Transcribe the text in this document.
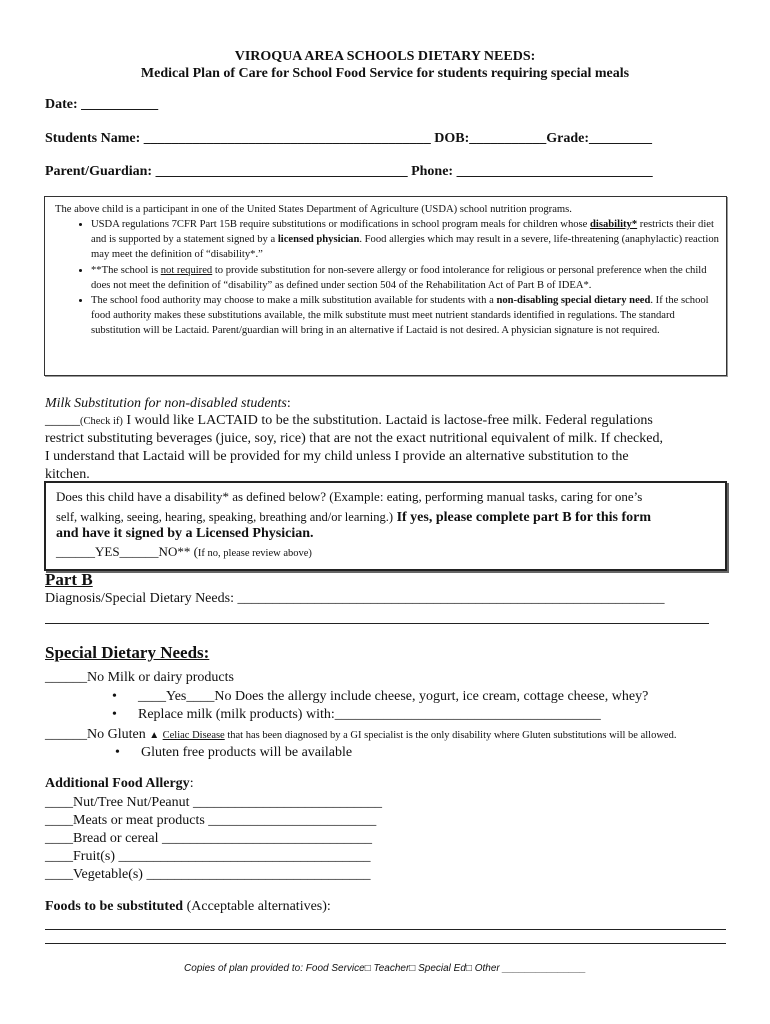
VIROQUA AREA SCHOOLS DIETARY NEEDS:
Medical Plan of Care for School Food Service for students requiring special meals
Date: ___________
Students Name: _________________________________________ DOB:___________Grade:_________
Parent/Guardian: ____________________________________ Phone: ____________________________
The above child is a participant in one of the United States Department of Agriculture (USDA) school nutrition programs.
• USDA regulations 7CFR Part 15B require substitutions or modifications in school program meals for children whose disability* restricts their diet and is supported by a statement signed by a licensed physician. Food allergies which may result in a severe, life-threatening (anaphylactic) reaction may meet the definition of “disability*.”
• **The school is not required to provide substitution for non-severe allergy or food intolerance for religious or personal preference when the child does not meet the definition of “disability” as defined under section 504 of the Rehabilitation Act of Part B of IDEA*.
• The school food authority may choose to make a milk substitution available for students with a non-disabling special dietary need. If the school food authority makes these substitutions available, the milk substitute must meet nutrient standards identified in regulations. The standard substitution will be Lactaid. Parent/guardian will bring in an alternative if Lactaid is not desired. A physician signature is not required.
Milk Substitution for non-disabled students:
_____(Check if) I would like LACTAID to be the substitution. Lactaid is lactose-free milk. Federal regulations
restrict substituting beverages (juice, soy, rice) that are not the exact nutritional equivalent of milk. If checked,
I understand that Lactaid will be provided for my child unless I provide an alternative substitution to the
kitchen.
Does this child have a disability* as defined below? (Example: eating, performing manual tasks, caring for one’s
self, walking, seeing, hearing, speaking, breathing and/or learning.) If yes, please complete part B for this form
and have it signed by a Licensed Physician.
______YES______NO** (If no, please review above)
Part B
Diagnosis/Special Dietary Needs: _____________________________________________________________
Special Dietary Needs:
______No Milk or dairy products
• ____Yes____No Does the allergy include cheese, yogurt, ice cream, cottage cheese, whey?
• Replace milk (milk products) with:______________________________________
______No Gluten ▲ Celiac Disease that has been diagnosed by a GI specialist is the only disability where Gluten substitutions will be allowed.
• Gluten free products will be available
Additional Food Allergy:
____Nut/Tree Nut/Peanut ___________________________
____Meats or meat products ________________________
____Bread or cereal ______________________________
____Fruit(s) ____________________________________
____Vegetable(s) ________________________________
Foods to be substituted (Acceptable alternatives):
Copies of plan provided to: Food Service□ Teacher□ Special Ed□ Other _______________
